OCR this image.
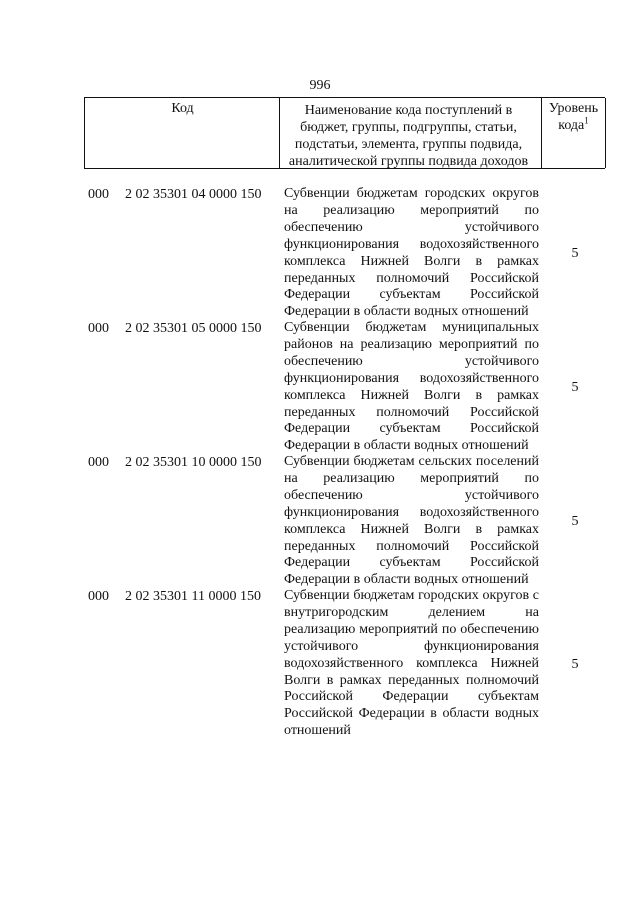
996
Код	Наименование кода поступлений в бюджет, группы, подгруппы, статьи, подстатьи, элемента, группы подвида, аналитической группы подвида доходов
Уровень кода$^1$
000 2 02 35301 04 0000 150 Субвенции бюджетам городских округов на реализацию мероприятий по обеспечению устойчивого функционирования водохозяйственного комплекса Нижней Волги в рамках переданных полномочий Российской Федерации субъектам Российской Федерации в области водных отношений
5
000 2 02 35301 05 0000 150 Субвенции бюджетам муниципальных районов на реализацию мероприятий по обеспечению устойчивого функционирования водохозяйственного комплекса Нижней Волги в рамках переданных полномочий Российской Федерации субъектам Российской Федерации в области водных отношений
5
000 2 02 35301 10 0000 150 Субвенции бюджетам сельских поселений на реализацию мероприятий по обеспечению устойчивого функционирования водохозяйственного комплекса Нижней Волги в рамках переданных полномочий Российской Федерации субъектам Российской Федерации в области водных отношений
5
000 2 02 35301 11 0000 150 Субвенции бюджетам городских округов с внутригородским делением на реализацию мероприятий по обеспечению устойчивого функционирования водохозяйственного комплекса Нижней Волги в рамках переданных полномочий Российской Федерации субъектам Российской Федерации в области водных отношений
5
